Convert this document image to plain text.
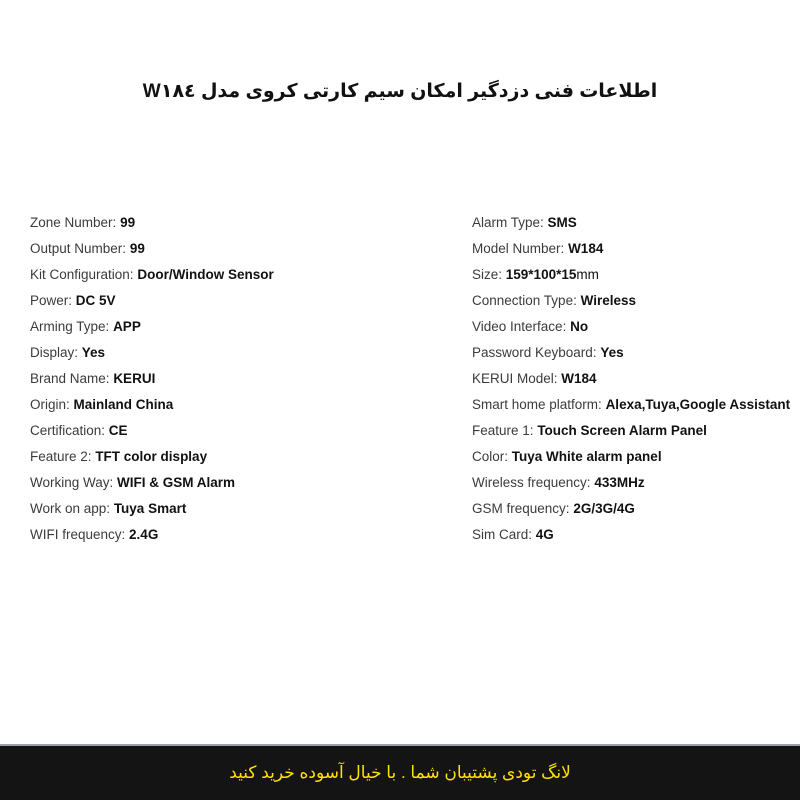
اطلاعات فنی دزدگیر امکان سیم کارتی کروی مدل W١٨٤
Zone Number: 99
Output Number: 99
Kit Configuration: Door/Window Sensor
Power: DC 5V
Arming Type: APP
Display: Yes
Brand Name: KERUI
Origin: Mainland China
Certification: CE
Feature 2: TFT color display
Working Way: WIFI & GSM Alarm
Work on app: Tuya Smart
WIFI frequency: 2.4G
Alarm Type: SMS
Model Number: W184
Size: 159*100*15mm
Connection Type: Wireless
Video Interface: No
Password Keyboard: Yes
KERUI Model: W184
Smart home platform: Alexa,Tuya,Google Assistant
Feature 1: Touch Screen Alarm Panel
Color: Tuya White alarm panel
Wireless frequency: 433MHz
GSM frequency: 2G/3G/4G
Sim Card: 4G
لانگ تودی پشتیبان شما . با خیال آسوده خرید کنید
